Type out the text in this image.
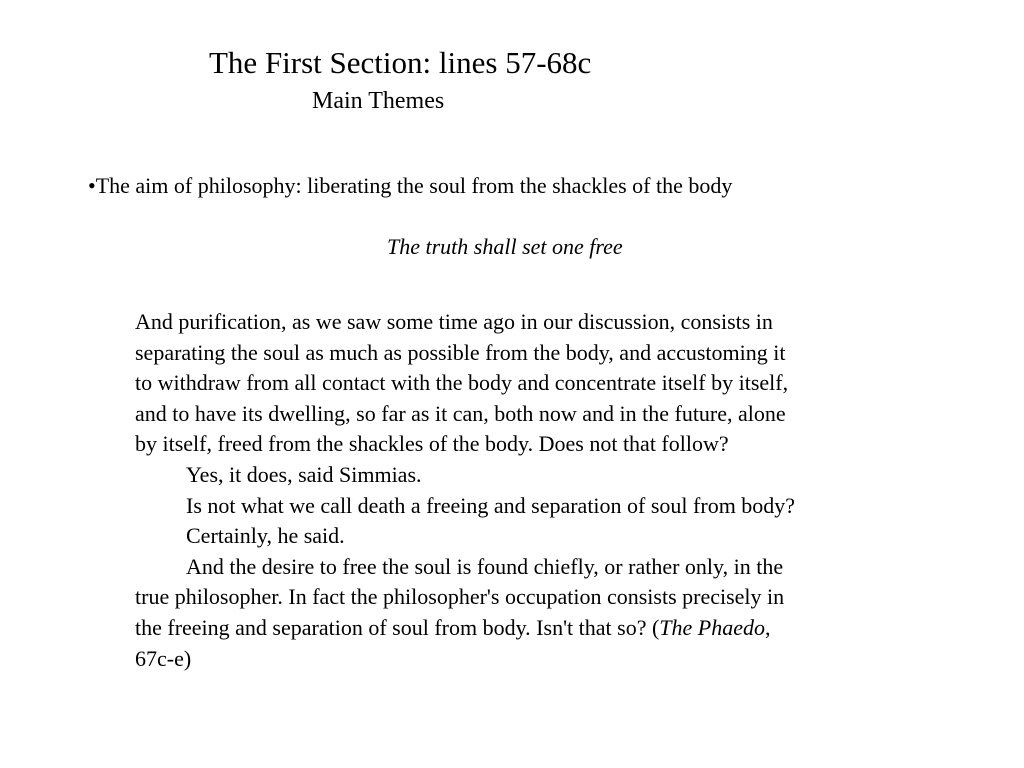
The First Section: lines 57-68c
Main Themes
•The aim of philosophy: liberating the soul from the shackles of the body
The truth shall set one free
And purification, as we saw some time ago in our discussion, consists in
separating the soul as much as possible from the body, and accustoming it
to withdraw from all contact with the body and concentrate itself by itself,
and to have its dwelling, so far as it can, both now and in the future, alone
by itself, freed from the shackles of the body. Does not that follow?
Yes, it does, said Simmias.
Is not what we call death a freeing and separation of soul from body?
Certainly, he said.
And the desire to free the soul is found chiefly, or rather only, in the
true philosopher. In fact the philosopher's occupation consists precisely in
the freeing and separation of soul from body. Isn't that so? (The Phaedo,
67c-e)
